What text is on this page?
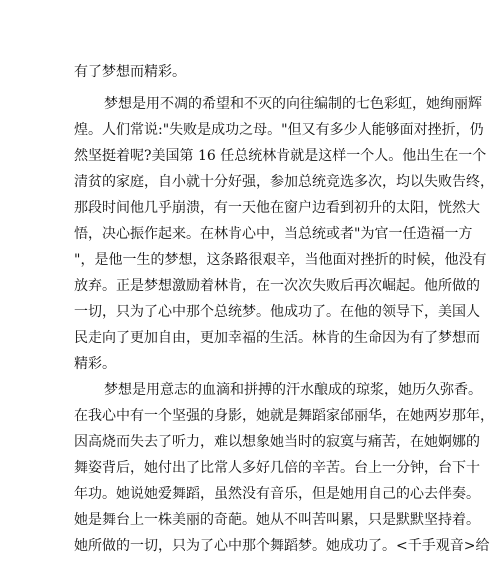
有了梦想而精彩。
梦想是用不凋的希望和不灭的向往编制的七色彩虹，她绚丽辉
煌。人们常说:"失败是成功之母。"但又有多少人能够面对挫折，仍
然坚挺着呢?美国第 16 任总统林肯就是这样一个人。他出生在一个
清贫的家庭，自小就十分好强，参加总统竞选多次，均以失败告终，
那段时间他几乎崩溃，有一天他在窗户边看到初升的太阳，恍然大
悟，决心振作起来。在林肯心中，当总统或者"为官一任造福一方
"，是他一生的梦想，这条路很艰辛，当他面对挫折的时候，他没有
放弃。正是梦想激励着林肯，在一次次失败后再次崛起。他所做的
一切，只为了心中那个总统梦。他成功了。在他的领导下，美国人
民走向了更加自由，更加幸福的生活。林肯的生命因为有了梦想而
精彩。
梦想是用意志的血滴和拼搏的汗水酿成的琼浆，她历久弥香。
在我心中有一个坚强的身影，她就是舞蹈家邰丽华，在她两岁那年，
因高烧而失去了听力，难以想象她当时的寂寞与痛苦，在她婀娜的
舞姿背后，她付出了比常人多好几倍的辛苦。台上一分钟，台下十
年功。她说她爱舞蹈，虽然没有音乐，但是她用自己的心去伴奏。
她是舞台上一株美丽的奇葩。她从不叫苦叫累，只是默默坚持着。
她所做的一切，只为了心中那个舞蹈梦。她成功了。<千手观音>给
